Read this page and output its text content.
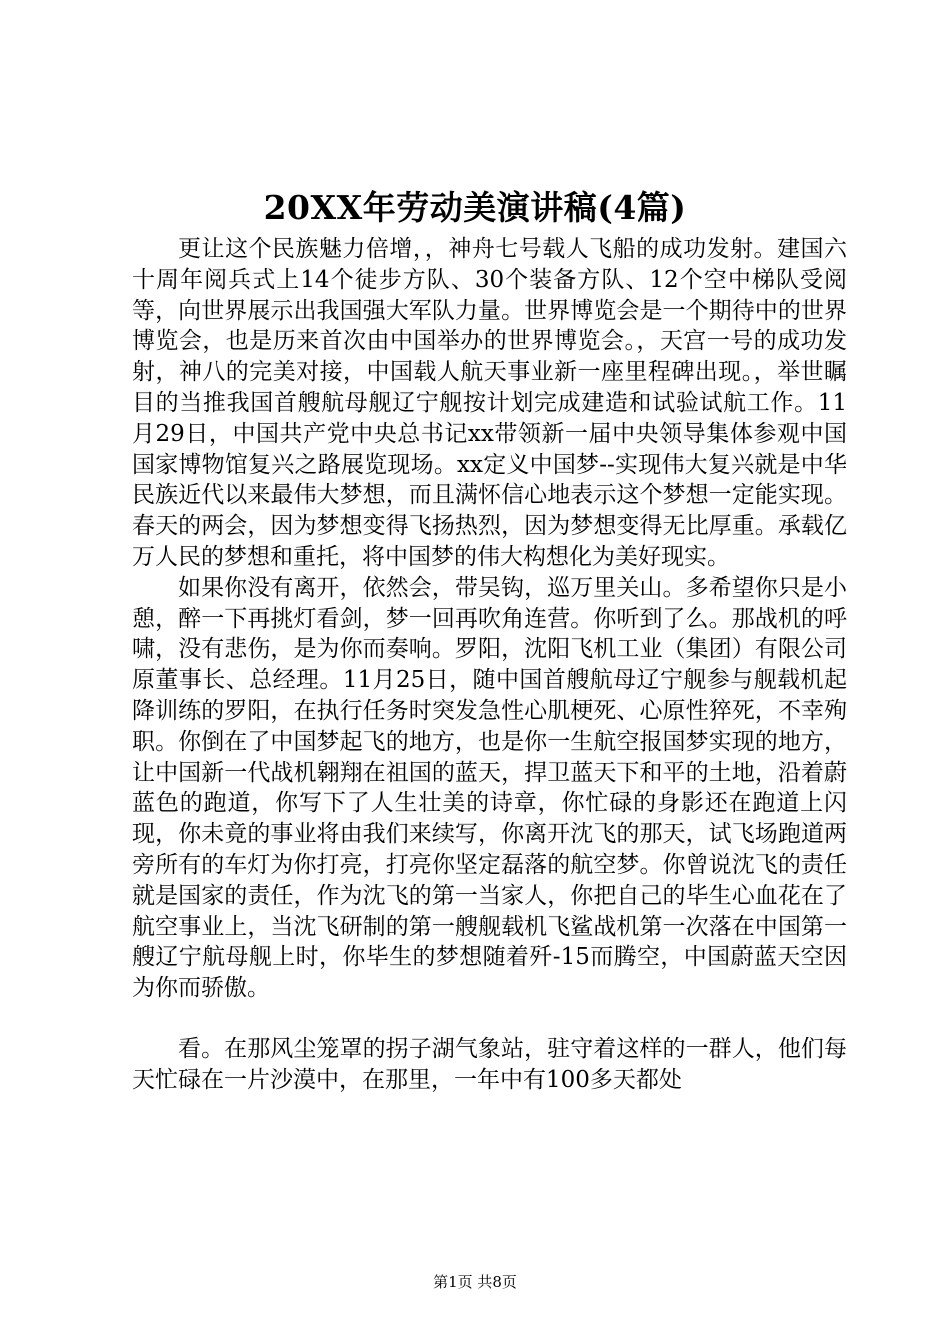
20XX年劳动美演讲稿(4篇)

更让这个民族魅力倍增，，神舟七号载人飞船的成功发射。建国六十周年阅兵式上14个徒步方队、30个装备方队、12个空中梯队受阅等，向世界展示出我国强大军队力量。世界博览会是一个期待中的世界博览会，也是历来首次由中国举办的世界博览会。，天宫一号的成功发射，神八的完美对接，中国载人航天事业新一座里程碑出现。，举世瞩目的当推我国首艘航母舰辽宁舰按计划完成建造和试验试航工作。11月29日，中国共产党中央总书记xx带领新一届中央领导集体参观中国国家博物馆复兴之路展览现场。xx定义中国梦--实现伟大复兴就是中华民族近代以来最伟大梦想，而且满怀信心地表示这个梦想一定能实现。春天的两会，因为梦想变得飞扬热烈，因为梦想变得无比厚重。承载亿万人民的梦想和重托，将中国梦的伟大构想化为美好现实。

如果你没有离开，依然会，带吴钩，巡万里关山。多希望你只是小憩，醉一下再挑灯看剑，梦一回再吹角连营。你听到了么。那战机的呼啸，没有悲伤，是为你而奏响。罗阳，沈阳飞机工业（集团）有限公司原董事长、总经理。11月25日，随中国首艘航母辽宁舰参与舰载机起降训练的罗阳，在执行任务时突发急性心肌梗死、心原性猝死，不幸殉职。你倒在了中国梦起飞的地方，也是你一生航空报国梦实现的地方，让中国新一代战机翱翔在祖国的蓝天，捍卫蓝天下和平的土地，沿着蔚蓝色的跑道，你写下了人生壮美的诗章，你忙碌的身影还在跑道上闪现，你未竟的事业将由我们来续写，你离开沈飞的那天，试飞场跑道两旁所有的车灯为你打亮，打亮你坚定磊落的航空梦。你曾说沈飞的责任就是国家的责任，作为沈飞的第一当家人，你把自己的毕生心血花在了航空事业上，当沈飞研制的第一艘舰载机飞鲨战机第一次落在中国第一艘辽宁航母舰上时，你毕生的梦想随着歼-15而腾空，中国蔚蓝天空因为你而骄傲。

看。在那风尘笼罩的拐子湖气象站，驻守着这样的一群人，他们每天忙碌在一片沙漠中，在那里，一年中有100多天都处

第1页 共8页
